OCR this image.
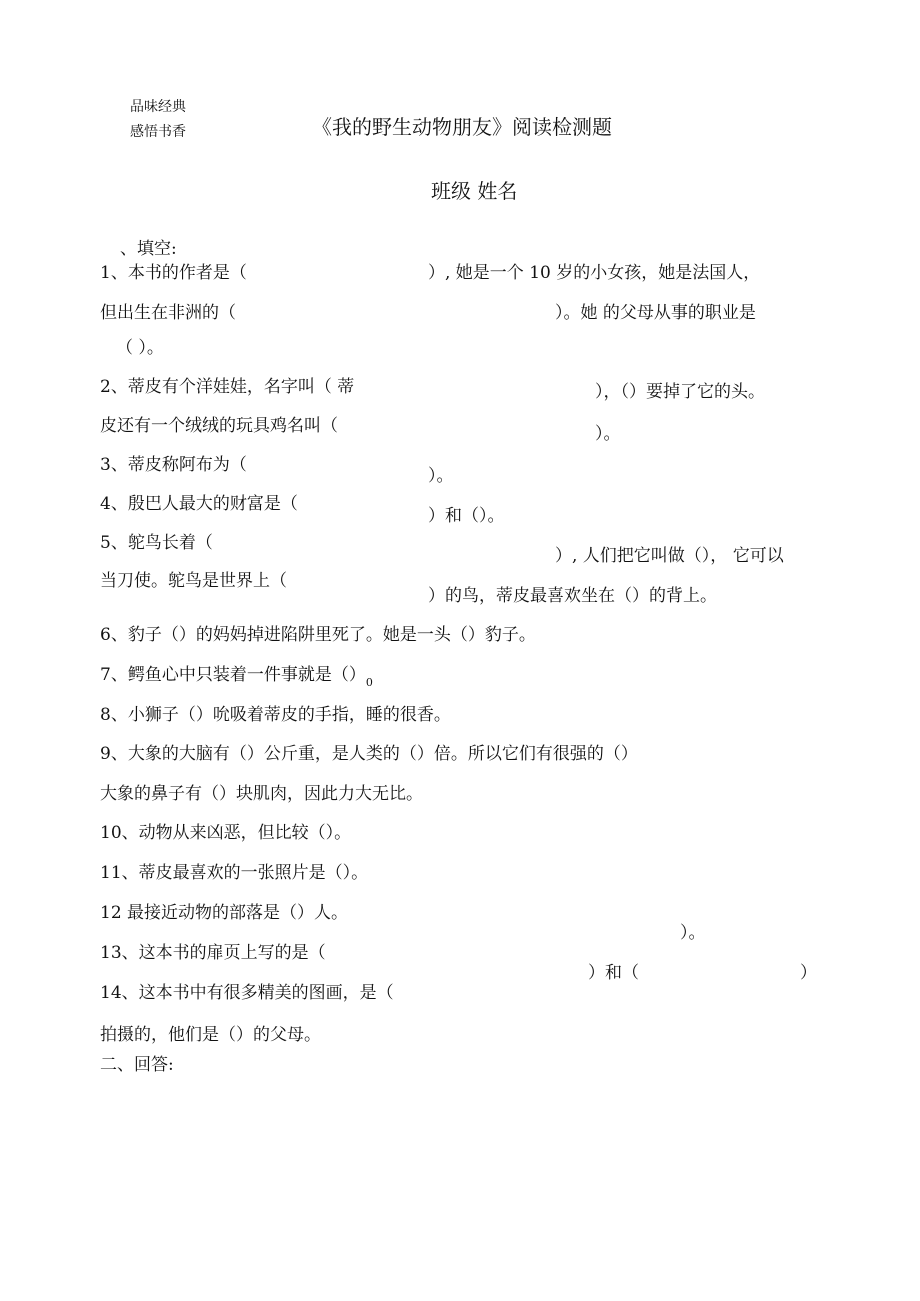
品味经典
感悟书香	《我的野生动物朋友》阅读检测题
班级 姓名
、填空:
1、本书的作者是（	）, 她是一个 10 岁的小女孩，她是法国人，
但出生在非洲的（	）。她 的父母从事的职业是
（ ）。
2、蒂皮有个洋娃娃，名字叫（ 蒂	），（）要掉了它的头。
皮还有一个绒绒的玩具鸡名叫（	）。
3、蒂皮称阿布为（
）。
4、殷巴人最大的财富是（
）和（）。
5、鸵鸟长着（
）, 人们把它叫做（）， 它可以
当刀使。鸵鸟是世界上（
）的鸟，蒂皮最喜欢坐在（）的背上。
6、豹子（）的妈妈掉进陷阱里死了。她是一头（）豹子。
7、鳄鱼心中只装着一件事就是$()_0$
8、小狮子（）吮吸着蒂皮的手指，睡的很香。
9、大象的大脑有（）公斤重，是人类的（）倍。所以它们有很强的（）
大象的鼻子有（）块肌肉，因此力大无比。
10、动物从来凶恶，但比较（）。
11、蒂皮最喜欢的一张照片是（）。
12 最接近动物的部落是（）人。
13、这本书的扉页上写的是（
）。
14、这本书中有很多精美的图画，是（
）和（	）
拍摄的，他们是（）的父母。
二、回答:
